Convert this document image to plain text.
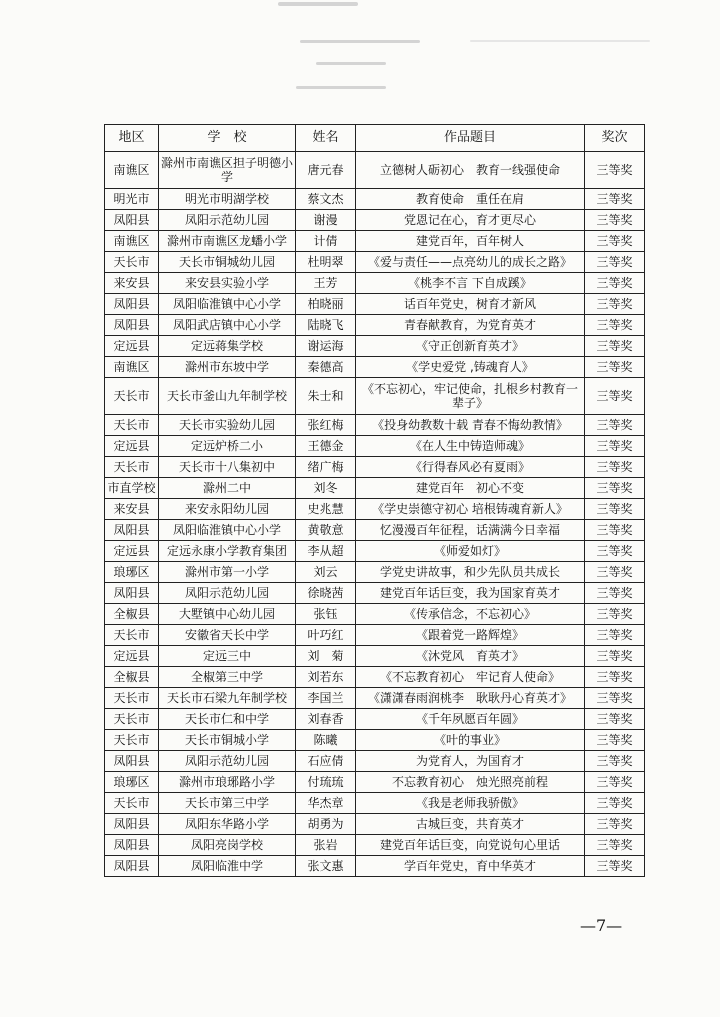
地区	学　校	姓名	作品题目	奖次
南谯区	滁州市南谯区担子明德小学	唐元春	立德树人砺初心　教育一线强使命	三等奖
明光市	明光市明湖学校	蔡文杰	教育使命　重任在肩	三等奖
凤阳县	凤阳示范幼儿园	谢漫	党恩记在心，育才更尽心	三等奖
南谯区	滁州市南谯区龙蟠小学	计倩	建党百年，百年树人	三等奖
天长市	天长市铜城幼儿园	杜明翠	《爱与责任——点亮幼儿的成长之路》	三等奖
来安县	来安县实验小学	王芳	《桃李不言 下自成蹊》	三等奖
凤阳县	凤阳临淮镇中心小学	柏晓丽	话百年党史，树育才新风	三等奖
凤阳县	凤阳武店镇中心小学	陆晓飞	青春献教育，为党育英才	三等奖
定远县	定远蒋集学校	谢运海	《守正创新育英才》	三等奖
南谯区	滁州市东坡中学	秦德高	《学史爱党 ,铸魂育人》	三等奖
天长市	天长市釜山九年制学校	朱士和	《不忘初心，牢记使命，扎根乡村教育一辈子》	三等奖
天长市	天长市实验幼儿园	张红梅	《投身幼教数十载 青春不悔幼教情》	三等奖
定远县	定远炉桥二小	王德金	《在人生中铸造师魂》	三等奖
天长市	天长市十八集初中	绪广梅	《行得春风必有夏雨》	三等奖
市直学校	滁州二中	刘冬	建党百年　初心不变	三等奖
来安县	来安永阳幼儿园	史兆慧	《学史崇德守初心 培根铸魂育新人》	三等奖
凤阳县	凤阳临淮镇中心小学	黄敬意	忆漫漫百年征程，话满满今日幸福	三等奖
定远县	定远永康小学教育集团	李从超	《师爱如灯》	三等奖
琅琊区	滁州市第一小学	刘云	学党史讲故事，和少先队员共成长	三等奖
凤阳县	凤阳示范幼儿园	徐晓茜	建党百年话巨变，我为国家育英才	三等奖
全椒县	大墅镇中心幼儿园	张钰	《传承信念，不忘初心》	三等奖
天长市	安徽省天长中学	叶巧红	《跟着党一路辉煌》	三等奖
定远县	定远三中	刘　菊	《沐党风　育英才》	三等奖
全椒县	全椒第三中学	刘若东	《不忘教育初心　牢记育人使命》	三等奖
天长市	天长市石梁九年制学校	李国兰	《潇潇春雨润桃李　耿耿丹心育英才》	三等奖
天长市	天长市仁和中学	刘春香	《千年夙愿百年圆》	三等奖
天长市	天长市铜城小学	陈曦	《叶的事业》	三等奖
凤阳县	凤阳示范幼儿园	石应倩	为党育人，为国育才	三等奖
琅琊区	滁州市琅琊路小学	付琉琉	不忘教育初心　烛光照亮前程	三等奖
天长市	天长市第三中学	华杰章	《我是老师我骄傲》	三等奖
凤阳县	凤阳东华路小学	胡勇为	古城巨变，共育英才	三等奖
凤阳县	凤阳亮岗学校	张岩	建党百年话巨变，向党说句心里话	三等奖
凤阳县	凤阳临淮中学	张文惠	学百年党史，育中华英才	三等奖
—7—
